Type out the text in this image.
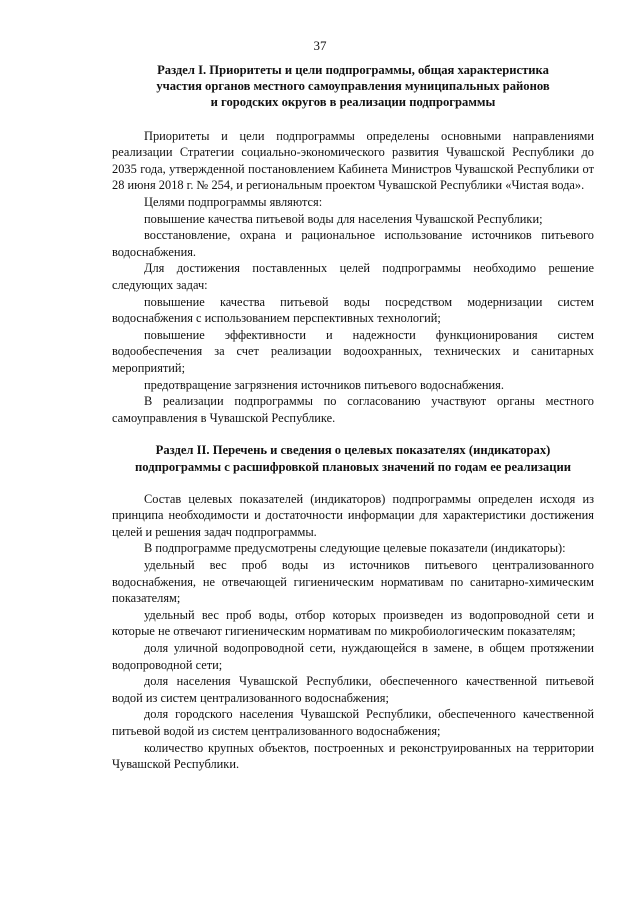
37
Раздел I. Приоритеты и цели подпрограммы, общая характеристика
участия органов местного самоуправления муниципальных районов
и городских округов в реализации подпрограммы

Приоритеты и цели подпрограммы определены основными направлениями реализации Стратегии социально-экономического развития Чувашской Республики до 2035 года, утвержденной постановлением Кабинета Министров Чувашской Республики от 28 июня 2018 г. № 254, и региональным проектом Чувашской Республики «Чистая вода».

Целями подпрограммы являются:

повышение качества питьевой воды для населения Чувашской Республики;

восстановление, охрана и рациональное использование источников питьевого водоснабжения.

Для достижения поставленных целей подпрограммы необходимо решение следующих задач:

повышение качества питьевой воды посредством модернизации систем водоснабжения с использованием перспективных технологий;

повышение эффективности и надежности функционирования систем водообеспечения за счет реализации водоохранных, технических и санитарных мероприятий;

предотвращение загрязнения источников питьевого водоснабжения.

В реализации подпрограммы по согласованию участвуют органы местного самоуправления в Чувашской Республике.

Раздел II. Перечень и сведения о целевых показателях (индикаторах)
подпрограммы с расшифровкой плановых значений по годам ее реализации

Состав целевых показателей (индикаторов) подпрограммы определен исходя из принципа необходимости и достаточности информации для характеристики достижения целей и решения задач подпрограммы.

В подпрограмме предусмотрены следующие целевые показатели (индикаторы):

удельный вес проб воды из источников питьевого централизованного водоснабжения, не отвечающей гигиеническим нормативам по санитарно-химическим показателям;

удельный вес проб воды, отбор которых произведен из водопроводной сети и которые не отвечают гигиеническим нормативам по микробиологическим показателям;

доля уличной водопроводной сети, нуждающейся в замене, в общем протяжении водопроводной сети;

доля населения Чувашской Республики, обеспеченного качественной питьевой водой из систем централизованного водоснабжения;

доля городского населения Чувашской Республики, обеспеченного качественной питьевой водой из систем централизованного водоснабжения;

количество крупных объектов, построенных и реконструированных на территории Чувашской Республики.
